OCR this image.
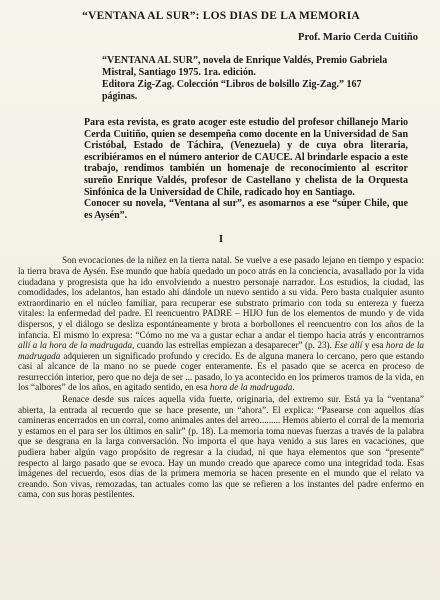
“VENTANA AL SUR”: LOS DIAS DE LA MEMORIA
Prof. Mario Cerda Cuitiño

“VENTANA AL SUR”, novela de Enrique Valdés, Premio Gabriela Mistral, Santiago 1975. 1ra. edición.

Editora Zig-Zag. Colección “Libros de bolsillo Zig-Zag.” 167 páginas.

Para esta revista, es grato acoger este estudio del profesor chillanejo Mario Cerda Cuitiño, quien se desempeña como docente en la Universidad de San Cristóbal, Estado de Táchira, (Venezuela) y de cuya obra literaria, escribiéramos en el número anterior de CAUCE. Al brindarle espacio a este trabajo, rendimos también un homenaje de reconocimiento al escritor sureño Enrique Valdés, profesor de Castellano y chelista de la Orquesta Sinfónica de la Universidad de Chile, radicado hoy en Santiago.

Conocer su novela, “Ventana al sur”, es asomarnos a ese “súper Chile, que es Aysén”.

I

Son evocaciones de la niñez en la tierra natal. Se vuelve a ese pasado lejano en tiempo y espacio: la tierra brava de Aysén. Ese mundo que había quedado un poco atrás en la conciencia, avasallado por la vida ciudadana y progresista que ha ido envolviendo a nuestro personaje narrador. Los estudios, la ciudad, las comodidades, los adelantos, han estado ahí dándole un nuevo sentido a su vida. Pero basta cualquier asunto extraordinario en el núcleo familiar, para recuperar ese substrato primario con toda su entereza y fuerza vitales: la enfermedad del padre. El reencuentro PADRE – HIJO fun de los elementos de mundo y de vida dispersos, y el diálogo se desliza espontáneamente y brota a borbollones el reencuentro con los años de la infancia. El mismo lo expresa: “Cómo no me va a gustar echar a andar el tiempo hacia atrás y encontrarnos allí a la hora de la madrugada, cuando las estrellas empiezan a desaparecer” (p. 23). Ese allí y esa hora de la madrugada adquieren un significado profundo y crecido. Es de alguna manera lo cercano, pero que estando casi al alcance de la mano no se puede coger enteramente. Es el pasado que se acerca en proceso de resurrección interior, pero que no deja de ser ... pasado, lo ya acontecido en los primeros tramos de la vida, en los “albores” de los años, en agitado sentido, en esa hora de la madrugada.

Renace desde sus raíces aquella vida fuerte, originaria, del extremo sur. Está ya la “ventana” abierta, la entrada al recuerdo que se hace presente, un “ahora”. El explica: “Pasearse con aquellos días camineras encerrados en un corral, como animales antes del arreo......... Hemos abierto el corral de la memoria y estamos en el para ser los últimos en salir” (p. 18). La memoria toma nuevas fuerzas a través de la palabra que se desgrana en la larga conversación. No importa el que haya venido a sus lares en vacaciones, que pudiera haber algún vago propósito de regresar a la ciudad, ni que haya elementos que son “presente” respecto al largo pasado que se evoca. Hay un mundo creado que aparece como una integridad toda. Esas imágenes del recuerdo, esos días de la primera memoria se hacen presente en el mundo que el relato va creando. Son vivas, remozadas, tan actuales como las que se refieren a los instantes del padre enfermo en cama, con sus horas pestilentes.
